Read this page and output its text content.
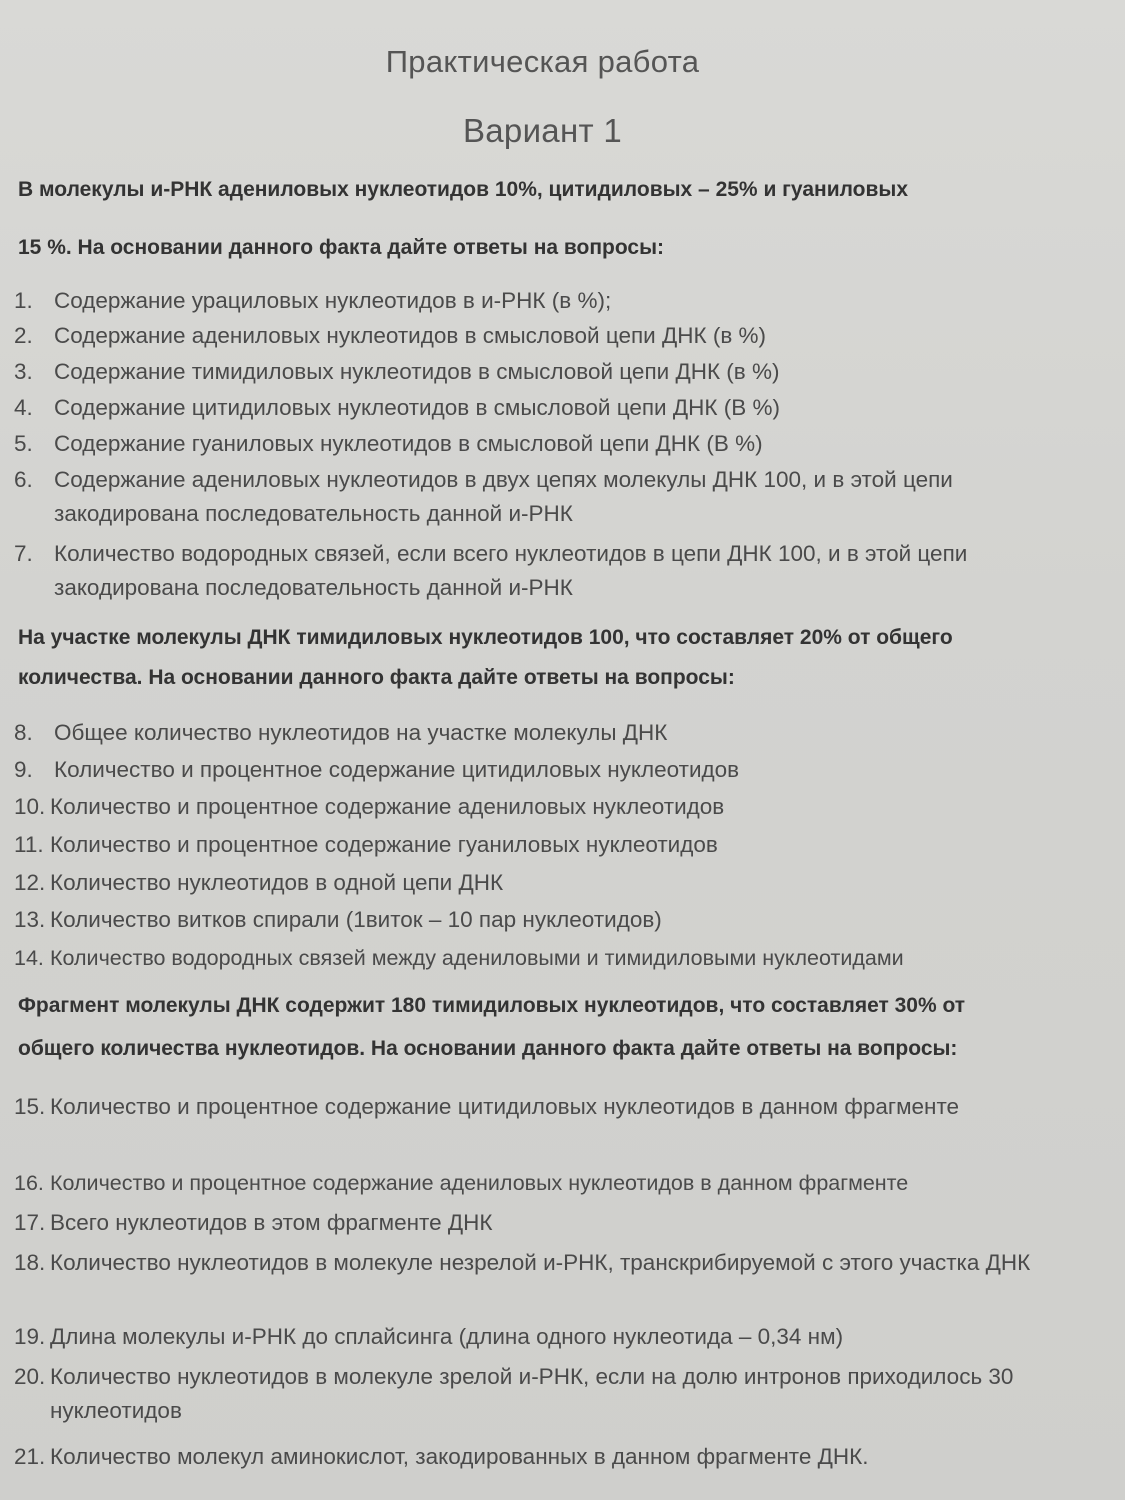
Практическая работа
Вариант 1
В молекулы и-РНК адениловых нуклеотидов 10%, цитидиловых – 25% и гуаниловых
15 %. На основании данного факта дайте ответы на вопросы:
1. Содержание урациловых нуклеотидов в и-РНК (в %);
2. Содержание адениловых нуклеотидов в смысловой цепи ДНК (в %)
3. Содержание тимидиловых нуклеотидов в смысловой цепи ДНК (в %)
4. Содержание цитидиловых нуклеотидов в смысловой цепи ДНК (В %)
5. Содержание гуаниловых нуклеотидов в смысловой цепи ДНК (В %)
6. Содержание адениловых нуклеотидов в двух цепях молекулы ДНК 100, и в этой цепи закодирована последовательность данной и-РНК
7. Количество водородных связей, если всего нуклеотидов в цепи ДНК 100, и в этой цепи закодирована последовательность данной и-РНК
На участке молекулы ДНК тимидиловых нуклеотидов 100, что составляет 20% от общего
количества. На основании данного факта дайте ответы на вопросы:
8. Общее количество нуклеотидов на участке молекулы ДНК
9. Количество и процентное содержание цитидиловых нуклеотидов
10. Количество и процентное содержание адениловых нуклеотидов
11. Количество и процентное содержание гуаниловых нуклеотидов
12. Количество нуклеотидов в одной цепи ДНК
13. Количество витков спирали (1виток – 10 пар нуклеотидов)
14. Количество водородных связей между адениловыми и тимидиловыми нуклеотидами
Фрагмент молекулы ДНК содержит 180 тимидиловых нуклеотидов, что составляет 30% от
общего количества нуклеотидов. На основании данного факта дайте ответы на вопросы:
15. Количество и процентное содержание цитидиловых нуклеотидов в данном фрагменте
16. Количество и процентное содержание адениловых нуклеотидов в данном фрагменте
17. Всего нуклеотидов в этом фрагменте ДНК
18. Количество нуклеотидов в молекуле незрелой и-РНК, транскрибируемой с этого участка ДНК
19. Длина молекулы и-РНК до сплайсинга (длина одного нуклеотида – 0,34 нм)
20. Количество нуклеотидов в молекуле зрелой и-РНК, если на долю интронов приходилось 30 нуклеотидов
21. Количество молекул аминокислот, закодированных в данном фрагменте ДНК.
